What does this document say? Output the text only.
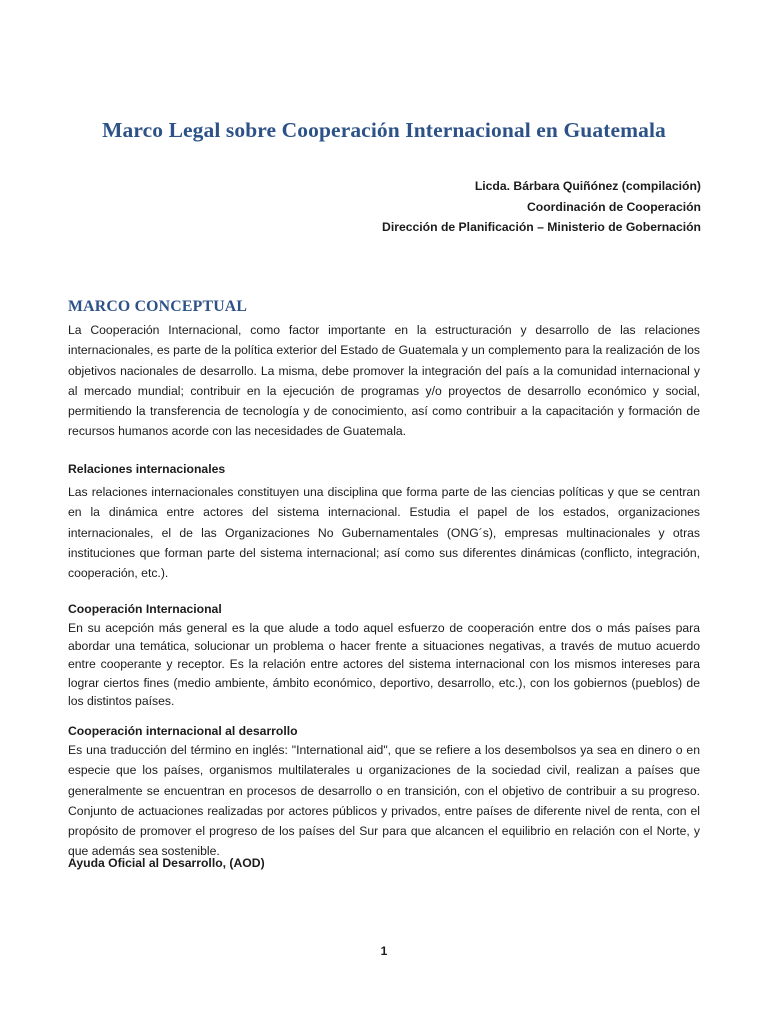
Marco Legal sobre Cooperación Internacional en Guatemala
Licda. Bárbara Quiñónez (compilación)
Coordinación de Cooperación
Dirección de Planificación – Ministerio de Gobernación
MARCO CONCEPTUAL

La Cooperación Internacional, como factor importante en la estructuración y desarrollo de las relaciones internacionales, es parte de la política exterior del Estado de Guatemala y un complemento para la realización de los objetivos nacionales de desarrollo. La misma, debe promover la integración del país a la comunidad internacional y al mercado mundial; contribuir en la ejecución de programas y/o proyectos de desarrollo económico y social, permitiendo la transferencia de tecnología y de conocimiento, así como contribuir a la capacitación y formación de recursos humanos acorde con las necesidades de Guatemala.

Relaciones internacionales

Las relaciones internacionales constituyen una disciplina que forma parte de las ciencias políticas y que se centran en la dinámica entre actores del sistema internacional. Estudia el papel de los estados, organizaciones internacionales, el de las Organizaciones No Gubernamentales (ONG´s), empresas multinacionales y otras instituciones que forman parte del sistema internacional; así como sus diferentes dinámicas (conflicto, integración, cooperación, etc.).

Cooperación Internacional

En su acepción más general es la que alude a todo aquel esfuerzo de cooperación entre dos o más países para abordar una temática, solucionar un problema o hacer frente a situaciones negativas, a través de mutuo acuerdo entre cooperante y receptor. Es la relación entre actores del sistema internacional con los mismos intereses para lograr ciertos fines (medio ambiente, ámbito económico, deportivo, desarrollo, etc.), con los gobiernos (pueblos) de los distintos países.

Cooperación internacional al desarrollo

Es una traducción del término en inglés: "International aid", que se refiere a los desembolsos ya sea en dinero o en especie que los países, organismos multilaterales u organizaciones de la sociedad civil, realizan a países que generalmente se encuentran en procesos de desarrollo o en transición, con el objetivo de contribuir a su progreso. Conjunto de actuaciones realizadas por actores públicos y privados, entre países de diferente nivel de renta, con el propósito de promover el progreso de los países del Sur para que alcancen el equilibrio en relación con el Norte, y que además sea sostenible.

Ayuda Oficial al Desarrollo, (AOD)
1
